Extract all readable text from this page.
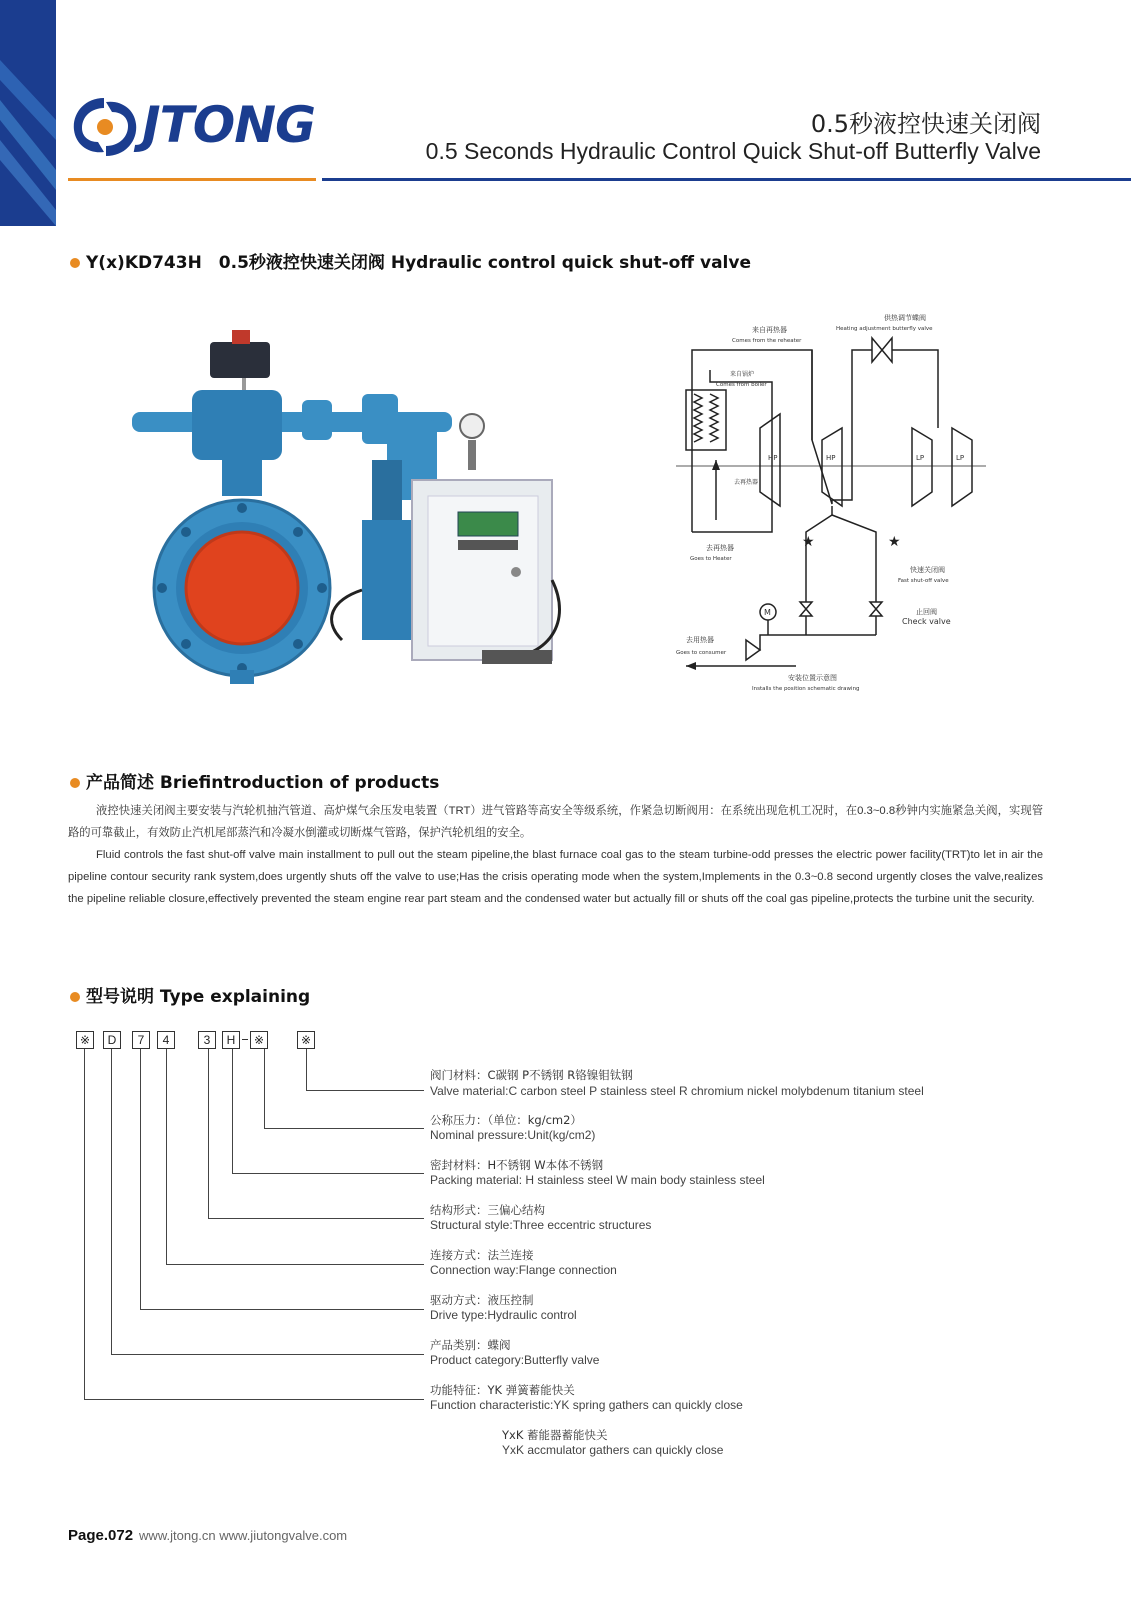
JTONG	0.5秒液控快速关闭阀
0.5 Seconds Hydraulic Control Quick Shut-off Butterfly Valve
Y(x)KD743H　0.5秒液控快速关闭阀 Hydraulic control quick shut-off valve
★	★
来自再热器
Comes from the reheater
来自锅炉
Comes from boiler
供热调节蝶阀
Heating adjustment butterfly valve
HP	HP	LP	LP
去再热器
Goes to Heater
去再热器
快速关闭阀
Fast shut-off valve
止回阀
Check valve
M
去用热器
Goes to consumer
安装位置示意图
Installs the position schematic drawing
产品简述 Briefintroduction of products

液控快速关闭阀主要安装与汽轮机抽汽管道、高炉煤气余压发电装置（TRT）进气管路等高安全等级系统，作紧急切断阀用：在系统出现危机工况时，在0.3~0.8秒钟内实施紧急关阀，实现管路的可靠截止，有效防止汽机尾部蒸汽和冷凝水倒灌或切断煤气管路，保护汽轮机组的安全。

Fluid controls the fast shut-off valve main installment to pull out the steam pipeline,the blast furnace coal gas to the steam turbine-odd presses the electric power facility(TRT)to let in air the pipeline contour security rank system,does urgently shuts off the valve to use;Has the crisis operating mode when the system,Implements in the 0.3~0.8 second urgently closes the valve,realizes the pipeline reliable closure,effectively prevented the steam engine rear part steam and the condensed water but actually fill or shuts off the coal gas pipeline,protects the turbine unit the security.

型号说明 Type explaining
※	D	7	4	3	H	※	※
阀门材料：C碳钢 P不锈钢 R铬镍钼钛钢
Valve material:C carbon steel P stainless steel R chromium nickel molybdenum titanium steel
公称压力：（单位：kg/cm2）
Nominal pressure:Unit(kg/cm2)
密封材料：H不锈钢 W本体不锈钢
Packing material: H stainless steel W main body stainless steel
结构形式：三偏心结构
Structural style:Three eccentric structures
连接方式：法兰连接
Connection way:Flange connection
驱动方式：液压控制
Drive type:Hydraulic control
产品类别：蝶阀
Product category:Butterfly valve
功能特征：YK 弹簧蓄能快关
Function characteristic:YK spring gathers can quickly close
YxK 蓄能器蓄能快关
YxK accmulator gathers can quickly close
Page.072 www.jtong.cn www.jiutongvalve.com
